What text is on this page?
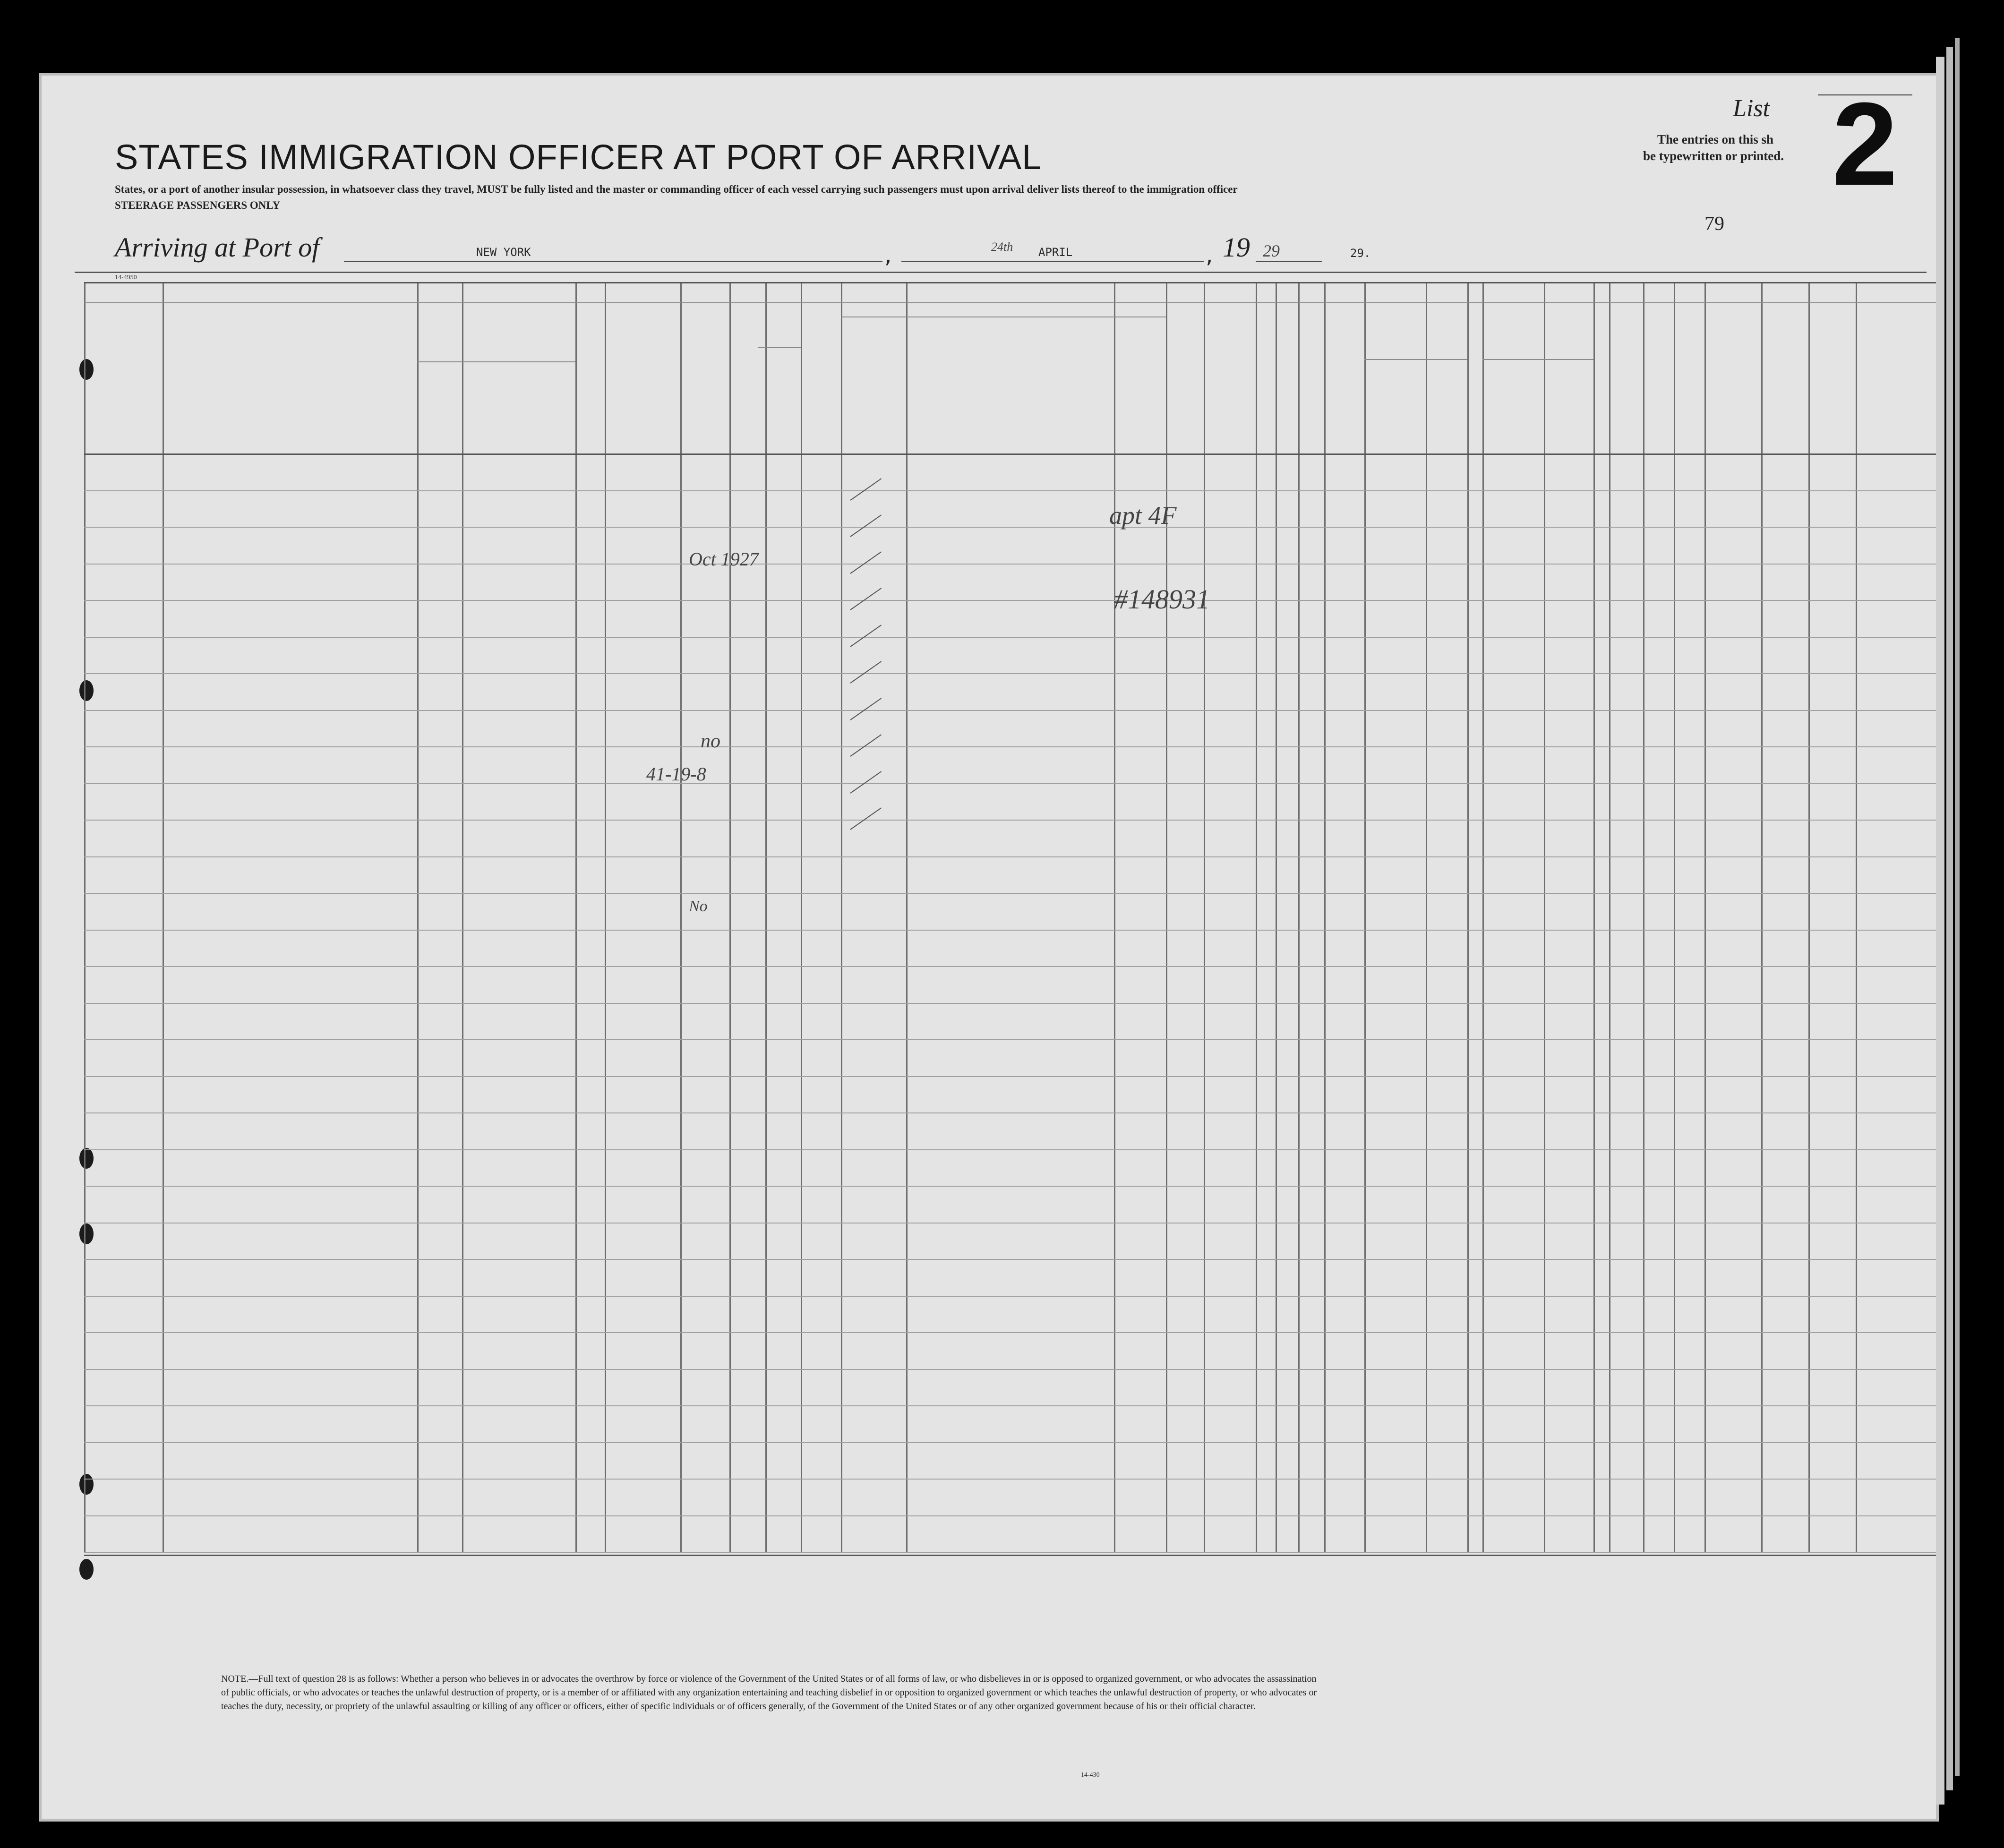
STATES IMMIGRATION OFFICER AT PORT OF ARRIVAL
List 2
The entries on this sh
be typewritten or printed.
79
States, or a port of another insular possession, in whatsoever class they travel, MUST be fully listed and the master or commanding officer of each vessel carrying such passengers must upon arrival deliver lists thereof to the immigration officer
STEERAGE PASSENGERS ONLY
Arriving at Port of	NEW YORK	,	24th APRIL	, 19 29	29.
14-4950
apt 4F
#148931
Oct 1927
no
41-19-8
No
NOTE.—Full text of question 28 is as follows: Whether a person who believes in or advocates the overthrow by force or violence of the Government of the United States or of all forms of law, or who disbelieves in or is opposed to organized government, or who advocates the assassination of public officials, or who advocates or teaches the unlawful destruction of property, or is a member of or affiliated with any organization entertaining and teaching disbelief in or opposition to organized government or which teaches the unlawful destruction of property, or who advocates or teaches the duty, necessity, or propriety of the unlawful assaulting or killing of any officer or officers, either of specific individuals or of officers generally, of the Government of the United States or of any other organized government because of his or their official character.
14-430
